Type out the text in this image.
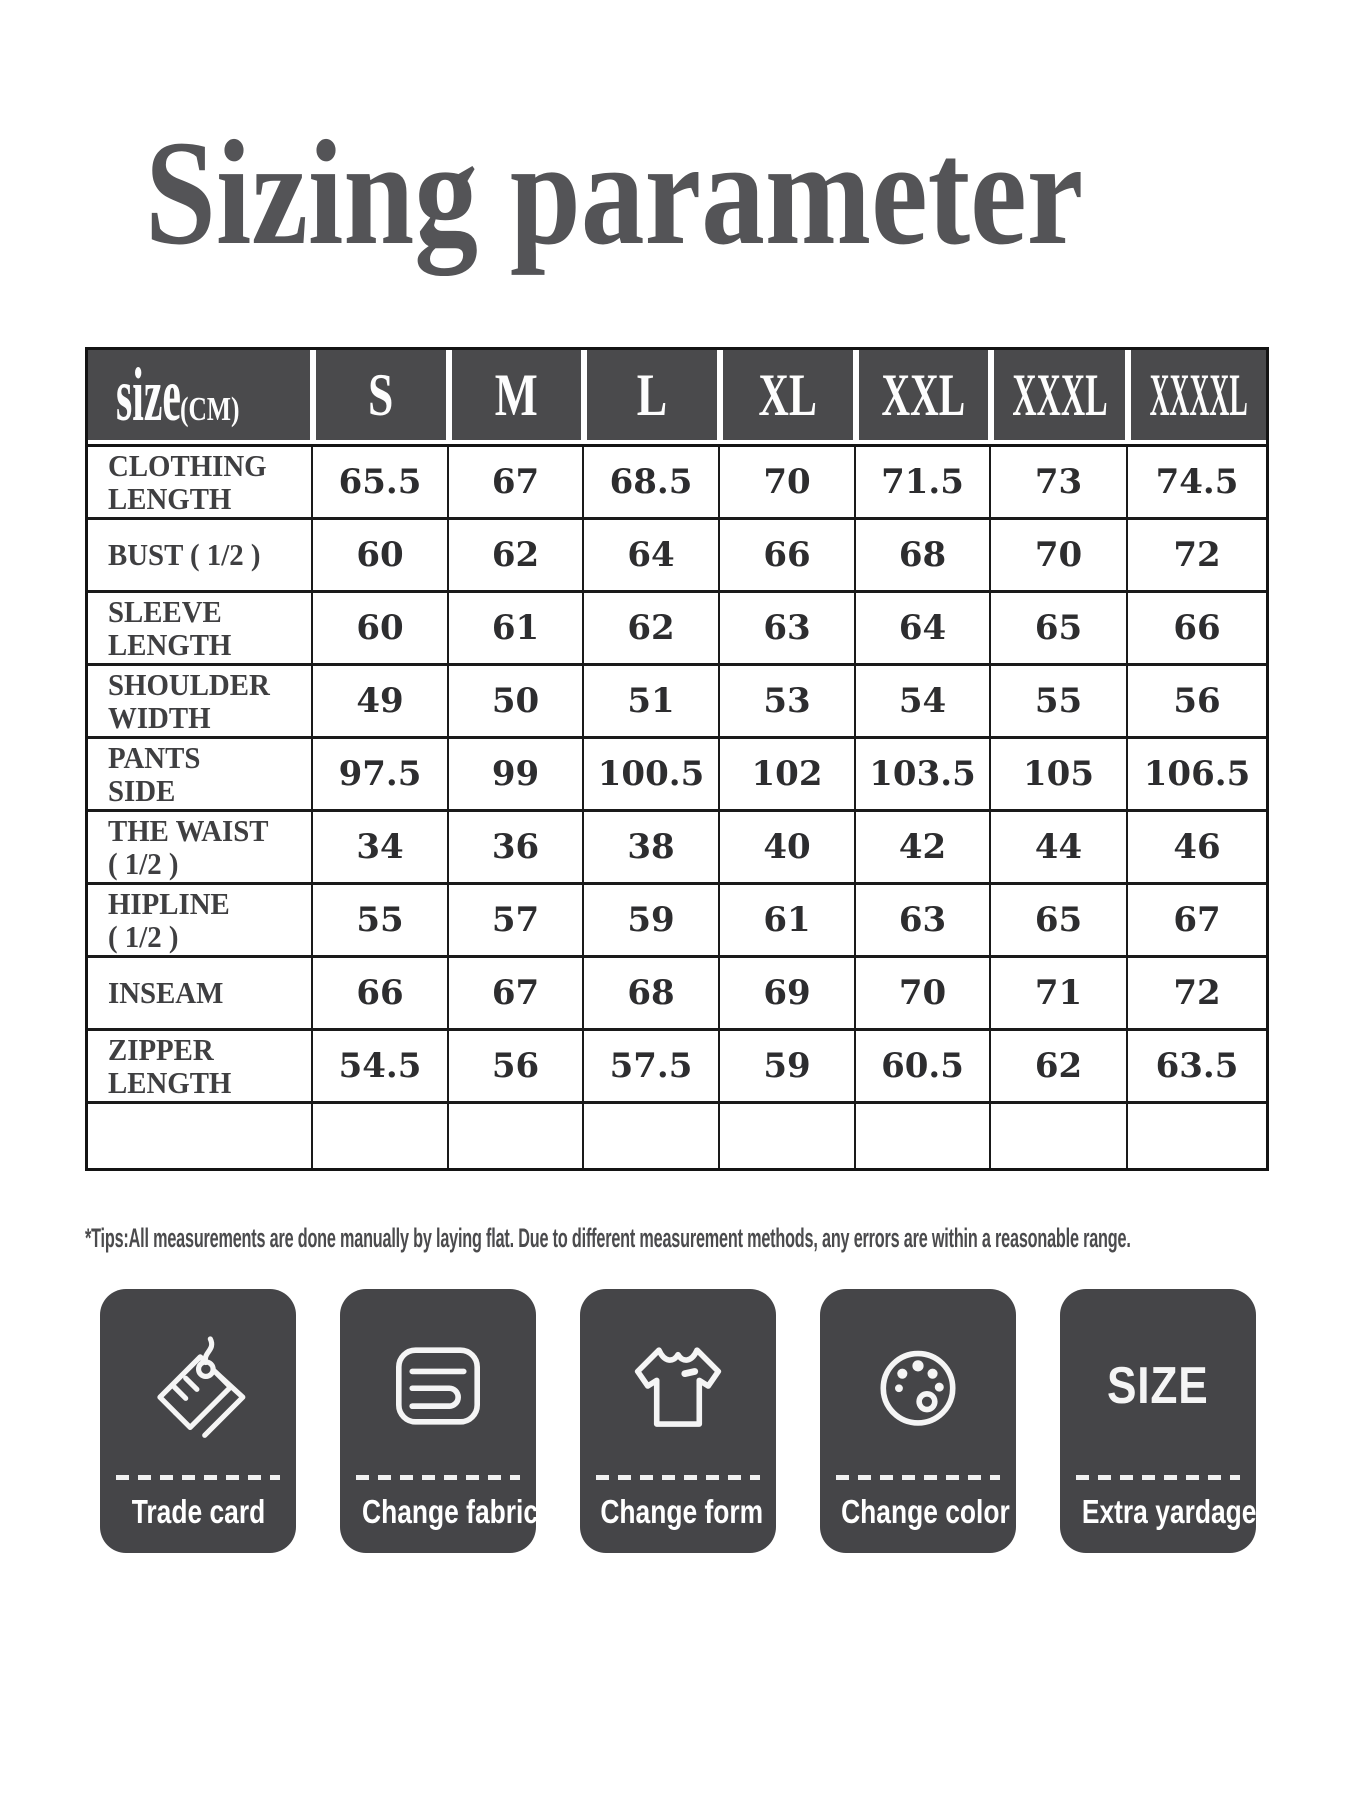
Sizing parameter
size (CM)	S	M	L	XL	XXL	XXXL	XXXXL

CLOTHING
LENGTH	65.5	67	68.5	70	71.5	73	74.5

BUST ( 1/2 )	60	62	64	66	68	70	72

SLEEVE
LENGTH	60	61	62	63	64	65	66

SHOULDER
WIDTH	49	50	51	53	54	55	56

PANTS
SIDE	97.5	99	100.5	102	103.5	105	106.5

THE WAIST
( 1/2 )	34	36	38	40	42	44	46

HIPLINE
( 1/2 )	55	57	59	61	63	65	67

INSEAM	66	67	68	69	70	71	72

ZIPPER
LENGTH	54.5	56	57.5	59	60.5	62	63.5

*Tips:All measurements are done manually by laying flat. Due to different measurement methods, any errors are within a reasonable range.
Trade card	Change fabric	Change form	Change color
SIZE
Extra yardage
